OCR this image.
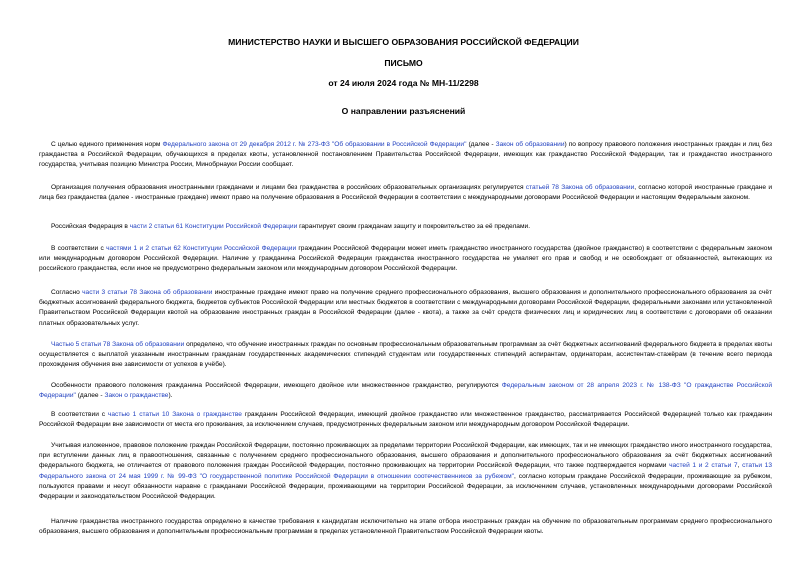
МИНИСТЕРСТВО НАУКИ И ВЫСШЕГО ОБРАЗОВАНИЯ РОССИЙСКОЙ ФЕДЕРАЦИИ
ПИСЬМО
от 24 июля 2024 года № МН-11/2298
О направлении разъяснений

С целью единого применения норм Федерального закона от 29 декабря 2012 г. № 273-ФЗ "Об образовании в Российской Федерации" (далее - Закон об образовании) по вопросу правового положения иностранных граждан и лиц без гражданства в Российской Федерации, обучающихся в пределах квоты, установленной постановлением Правительства Российской Федерации, имеющих как гражданство Российской Федерации, так и гражданство иностранного государства, учитывая позицию Министра России, Минобрнауки России сообщает.

Организация получения образования иностранными гражданами и лицами без гражданства в российских образовательных организациях регулируется статьей 78 Закона об образовании, согласно которой иностранные граждане и лица без гражданства (далее - иностранные граждане) имеют право на получение образования в Российской Федерации в соответствии с международными договорами Российской Федерации и настоящим Федеральным законом.

Российская Федерация в части 2 статьи 61 Конституции Российской Федерации гарантирует своим гражданам защиту и покровительство за её пределами.

В соответствии с частями 1 и 2 статьи 62 Конституции Российской Федерации гражданин Российской Федерации может иметь гражданство иностранного государства (двойное гражданство) в соответствии с федеральным законом или международным договором Российской Федерации. Наличие у гражданина Российской Федерации гражданства иностранного государства не умаляет его прав и свобод и не освобождает от обязанностей, вытекающих из российского гражданства, если иное не предусмотрено федеральным законом или международным договором Российской Федерации.

Согласно части 3 статьи 78 Закона об образовании иностранные граждане имеют право на получение среднего профессионального образования, высшего образования и дополнительного профессионального образования за счёт бюджетных ассигнований федерального бюджета, бюджетов субъектов Российской Федерации или местных бюджетов в соответствии с международными договорами Российской Федерации, федеральными законами или установленной Правительством Российской Федерации квотой на образование иностранных граждан в Российской Федерации (далее - квота), а также за счёт средств физических лиц и юридических лиц в соответствии с договорами об оказании платных образовательных услуг.

Частью 5 статьи 78 Закона об образовании определено, что обучение иностранных граждан по основным профессиональным образовательным программам за счёт бюджетных ассигнований федерального бюджета в пределах квоты осуществляется с выплатой указанным иностранным гражданам государственных академических стипендий студентам или государственных стипендий аспирантам, ординаторам, ассистентам-стажёрам (в течение всего периода прохождения обучения вне зависимости от успехов в учёбе).

Особенности правового положения гражданина Российской Федерации, имеющего двойное или множественное гражданство, регулируются Федеральным законом от 28 апреля 2023 г. № 138-ФЗ "О гражданстве Российской Федерации" (далее - Закон о гражданстве).

В соответствии с частью 1 статьи 10 Закона о гражданстве гражданин Российской Федерации, имеющий двойное гражданство или множественное гражданство, рассматривается Российской Федерацией только как гражданин Российской Федерации вне зависимости от места его проживания, за исключением случаев, предусмотренных федеральным законом или международным договором Российской Федерации.

Учитывая изложенное, правовое положение граждан Российской Федерации, постоянно проживающих за пределами территории Российской Федерации, как имеющих, так и не имеющих гражданство иного иностранного государства, при вступлении данных лиц в правоотношения, связанные с получением среднего профессионального образования, высшего образования и дополнительного профессионального образования за счёт бюджетных ассигнований федерального бюджета, не отличается от правового положения граждан Российской Федерации, постоянно проживающих на территории Российской Федерации, что также подтверждается нормами частей 1 и 2 статьи 7, статьи 13 Федерального закона от 24 мая 1999 г. № 99-ФЗ "О государственной политике Российской Федерации в отношении соотечественников за рубежом", согласно которым граждане Российской Федерации, проживающие за рубежом, пользуются правами и несут обязанности наравне с гражданами Российской Федерации, проживающими на территории Российской Федерации, за исключением случаев, установленных международными договорами Российской Федерации и законодательством Российской Федерации.

Наличие гражданства иностранного государства определено в качестве требования к кандидатам исключительно на этапе отбора иностранных граждан на обучение по образовательным программам среднего профессионального образования, высшего образования и дополнительным профессиональным программам в пределах установленной Правительством Российской Федерации квоты.
